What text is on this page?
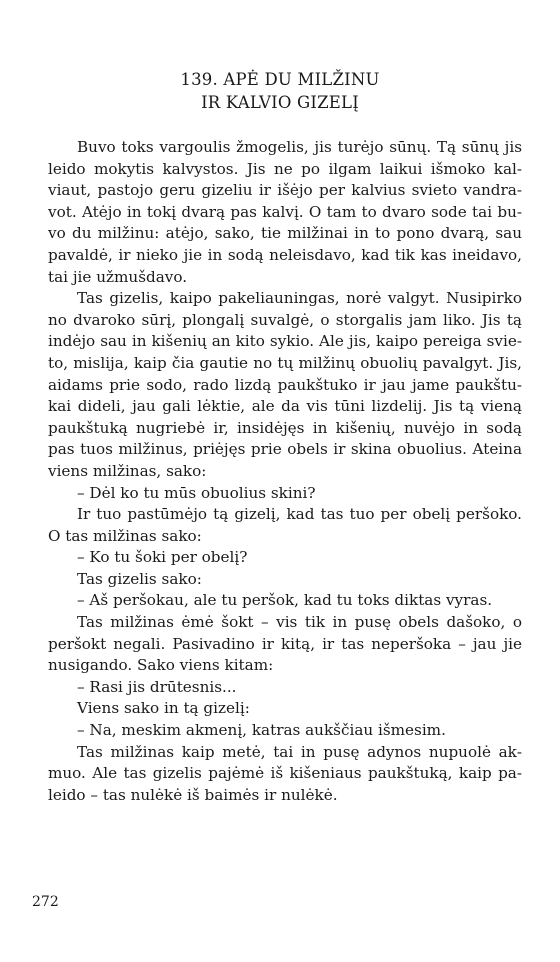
139. APĖ DU MILŽINU
IR KALVIO GIZELĮ

Buvo toks vargoulis žmogelis, jis turėjo sūnų. Tą sūnų jis leido mokytis kalvystos. Jis ne po ilgam laikui išmoko kalviaut, pastojo geru gizeliu ir išėjo per kalvius svieto vandravot. Atėjo in tokį dvarą pas kalvį. O tam to dvaro sode tai buvo du milžinu: atėjo, sako, tie milžinai in to pono dvarą, sau pavaldė, ir nieko jie in sodą neleisdavo, kad tik kas ineidavo, tai jie užmušdavo.

Tas gizelis, kaipo pakeliauningas, norė valgyt. Nusipirko no dvaroko sūrį, plongalį suvalgė, o storgalis jam liko. Jis tą indėjo sau in kišenių an kito sykio. Ale jis, kaipo pereiga svieto, mislija, kaip čia gautie no tų milžinų obuolių pavalgyt. Jis, aidams prie sodo, rado lizdą paukštuko ir jau jame paukštukai dideli, jau gali lėktie, ale da vis tūni lizdelij. Jis tą vieną paukštuką nugriebė ir, insidėjęs in kišenių, nuvėjo in sodą pas tuos milžinus, priėjęs prie obels ir skina obuolius. Ateina viens milžinas, sako:

– Dėl ko tu mūs obuolius skini?

Ir tuo pastūmėjo tą gizelį, kad tas tuo per obelį peršoko. O tas milžinas sako:

– Ko tu šoki per obelį?

Tas gizelis sako:

– Aš peršokau, ale tu peršok, kad tu toks diktas vyras.

Tas milžinas ėmė šokt – vis tik in pusę obels dašoko, o peršokt negali. Pasivadino ir kitą, ir tas neperšoka – jau jie nusigando. Sako viens kitam:

– Rasi jis drūtesnis...

Viens sako in tą gizelį:

– Na, meskim akmenį, katras aukščiau išmesim.

Tas milžinas kaip metė, tai in pusę adynos nupuolė akmuo. Ale tas gizelis pajėmė iš kišeniaus paukštuką, kaip paleido – tas nulėkė iš baimės ir nulėkė.

272
